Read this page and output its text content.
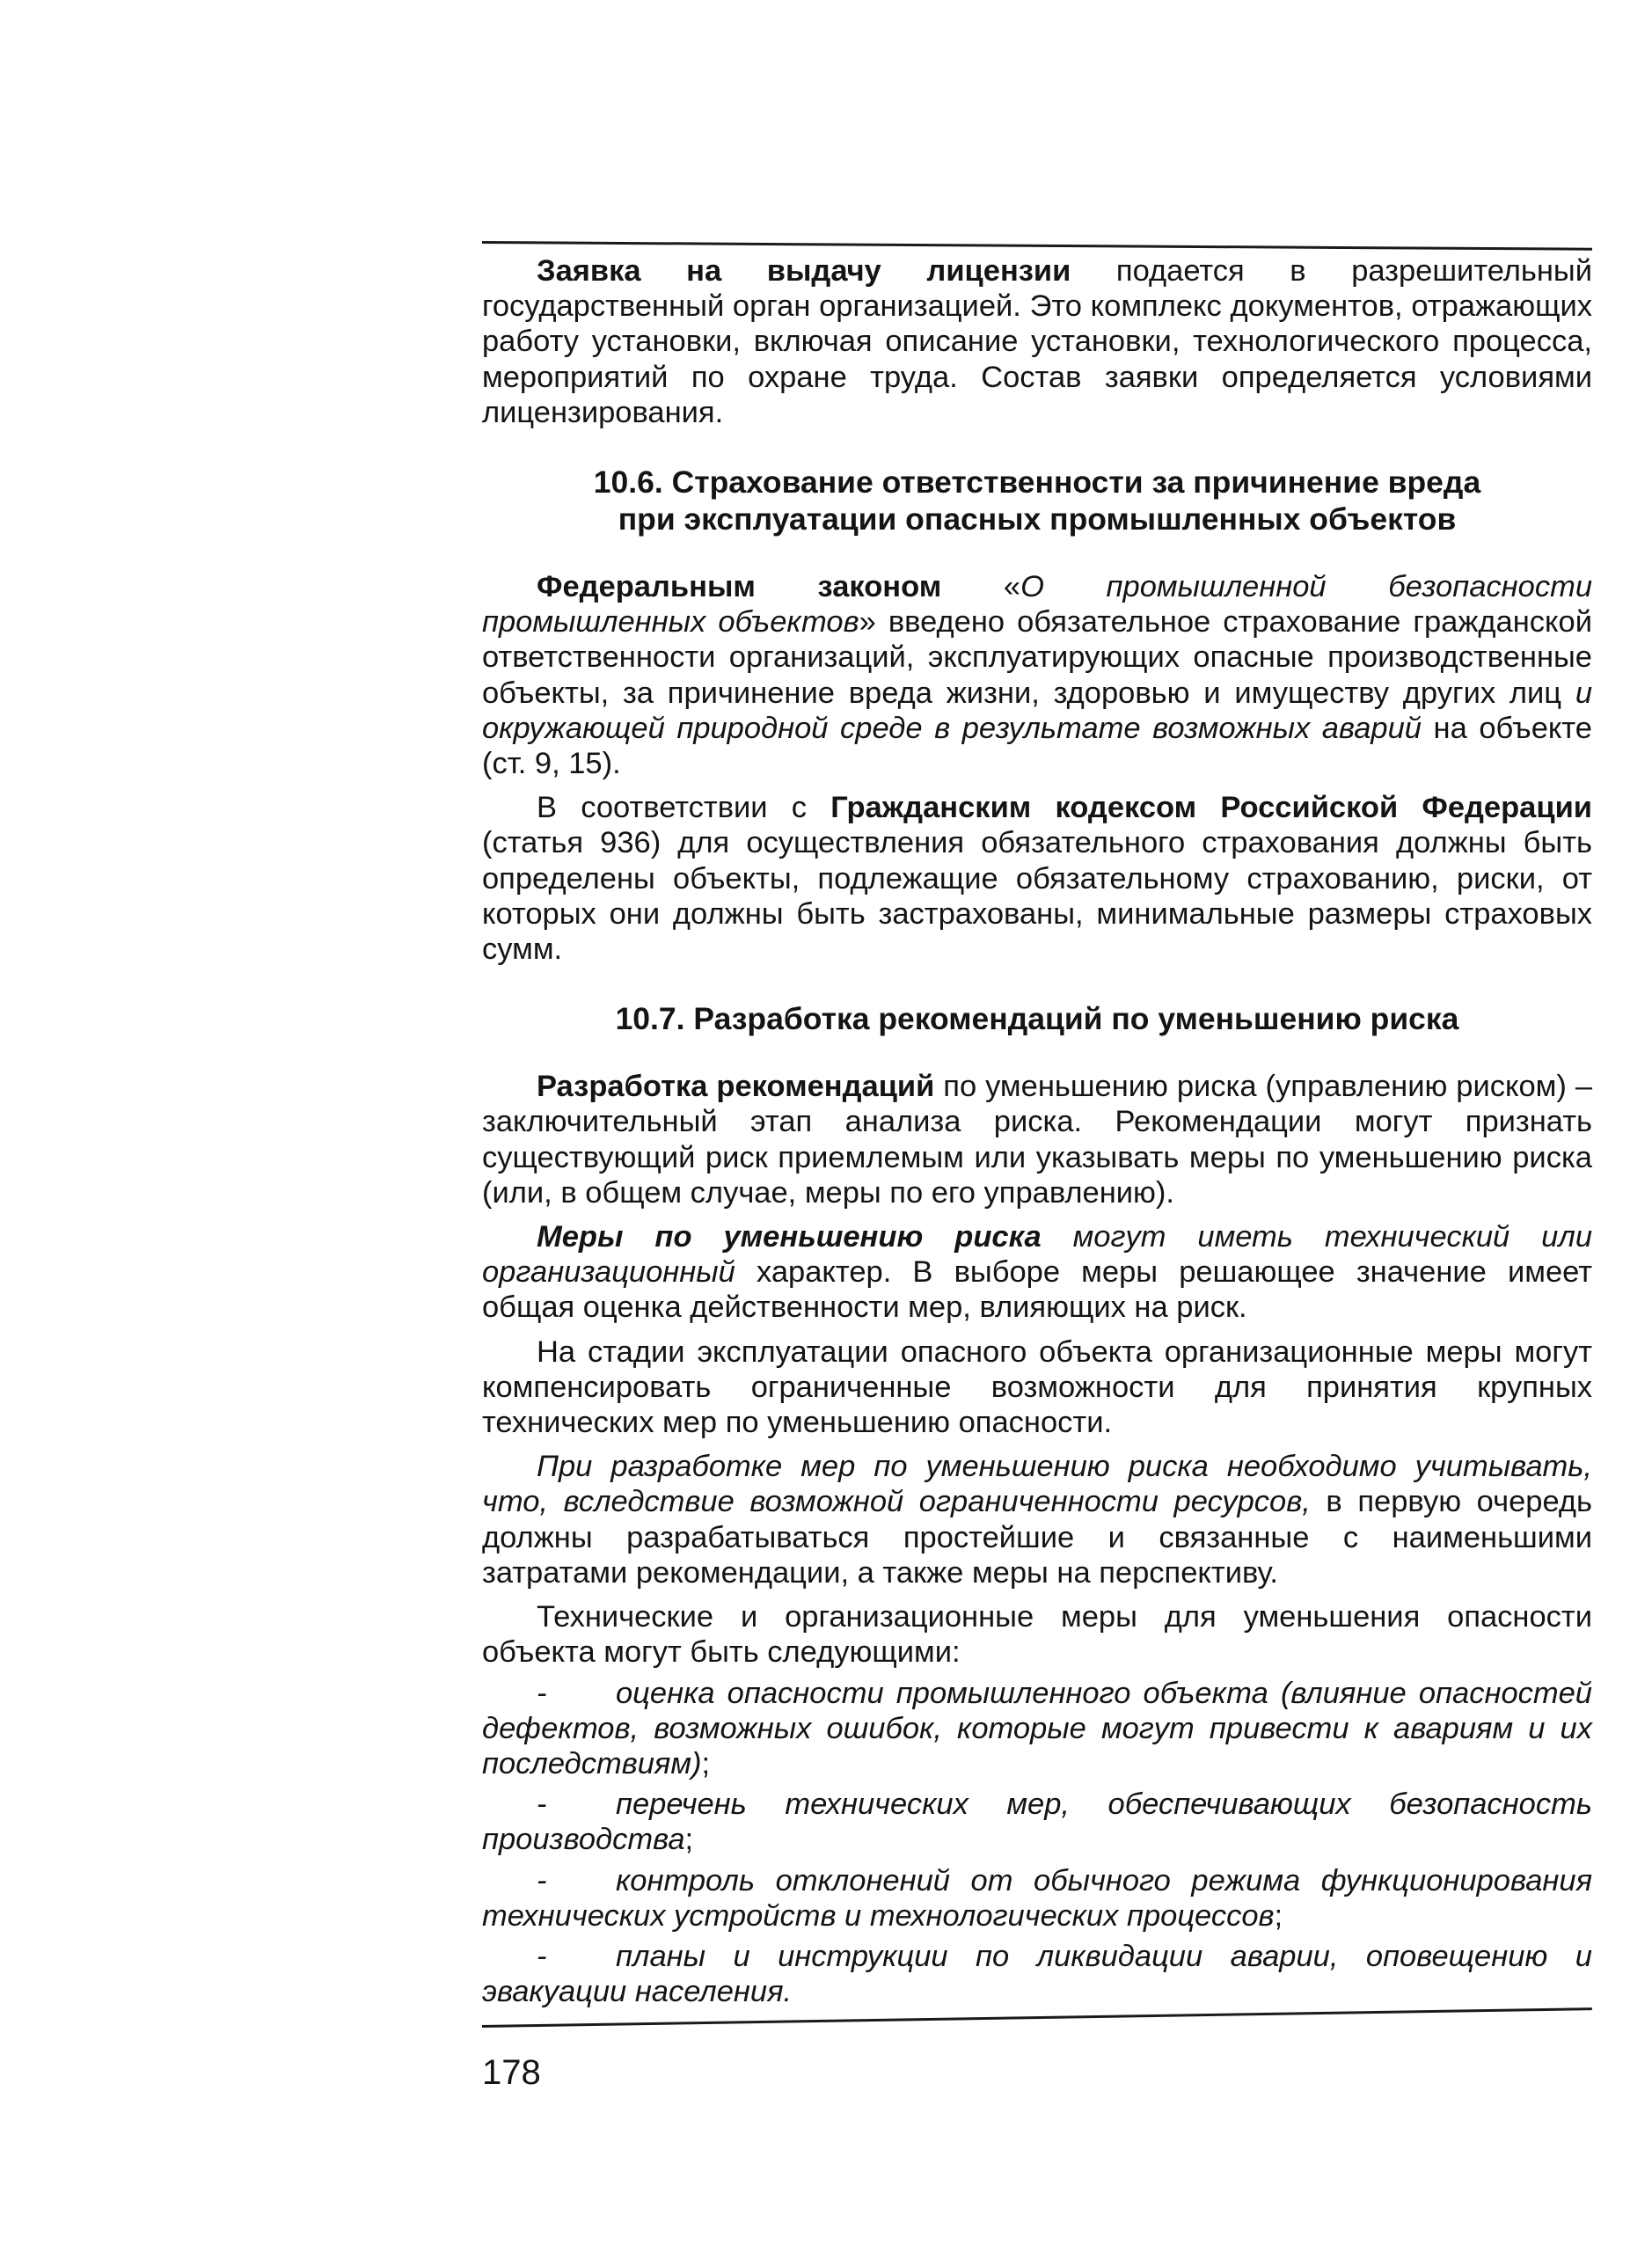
Заявка на выдачу лицензии подается в разрешительный государственный орган организацией. Это комплекс документов, отражающих работу установки, включая описание установки, технологического процесса, мероприятий по охране труда. Состав заявки определяется условиями лицензирования.

10.6. Страхование ответственности за причинение вреда
при эксплуатации опасных промышленных объектов

Федеральным законом «О промышленной безопасности промышленных объектов» введено обязательное страхование гражданской ответственности организаций, эксплуатирующих опасные производственные объекты, за причинение вреда жизни, здоровью и имуществу других лиц и окружающей природной среде в результате возможных аварий на объекте (ст. 9, 15).

В соответствии с Гражданским кодексом Российской Федерации (статья 936) для осуществления обязательного страхования должны быть определены объекты, подлежащие обязательному страхованию, риски, от которых они должны быть застрахованы, минимальные размеры страховых сумм.

10.7. Разработка рекомендаций по уменьшению риска

Разработка рекомендаций по уменьшению риска (управлению риском) – заключительный этап анализа риска. Рекомендации могут признать существующий риск приемлемым или указывать меры по уменьшению риска (или, в общем случае, меры по его управлению).

Меры по уменьшению риска могут иметь технический или организационный характер. В выборе меры решающее значение имеет общая оценка действенности мер, влияющих на риск.

На стадии эксплуатации опасного объекта организационные меры могут компенсировать ограниченные возможности для принятия крупных технических мер по уменьшению опасности.

При разработке мер по уменьшению риска необходимо учитывать, что, вследствие возможной ограниченности ресурсов, в первую очередь должны разрабатываться простейшие и связанные с наименьшими затратами рекомендации, а также меры на перспективу.

Технические и организационные меры для уменьшения опасности объекта могут быть следующими:

- оценка опасности промышленного объекта (влияние опасностей дефектов, возможных ошибок, которые могут привести к авариям и их последствиям);

- перечень технических мер, обеспечивающих безопасность производства;

- контроль отклонений от обычного режима функционирования технических устройств и технологических процессов;

- планы и инструкции по ликвидации аварии, оповещению и эвакуации населения.

178
